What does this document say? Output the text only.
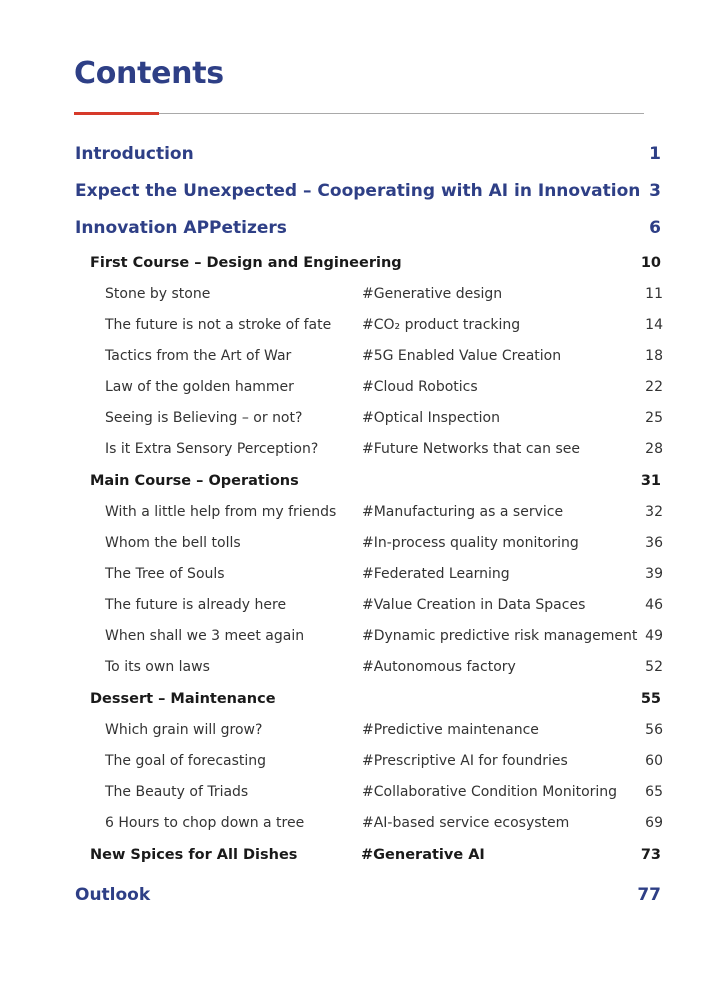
Contents
Introduction	1
Expect the Unexpected – Cooperating with AI in Innovation 3
Innovation APPetizers	6
First Course – Design and Engineering	10
Stone by stone	#Generative design	11
The future is not a stroke of fate #CO₂ product tracking	14
Tactics from the Art of War	#5G Enabled Value Creation	18
Law of the golden hammer	#Cloud Robotics	22
Seeing is Believing – or not?	#Optical Inspection	25
Is it Extra Sensory Perception?	#Future Networks that can see	28
Main Course – Operations	31
With a little help from my friends #Manufacturing as a service	32
Whom the bell tolls	#In-process quality monitoring	36
The Tree of Souls	#Federated Learning	39
The future is already here	#Value Creation in Data Spaces	46
When shall we 3 meet again	#Dynamic predictive risk management 49
To its own laws	#Autonomous factory	52
Dessert – Maintenance	55
Which grain will grow?	#Predictive maintenance	56
The goal of forecasting	#Prescriptive AI for foundries	60
The Beauty of Triads	#Collaborative Condition Monitoring 65
6 Hours to chop down a tree	#AI-based service ecosystem	69
New Spices for All Dishes	#Generative AI	73
Outlook	77
